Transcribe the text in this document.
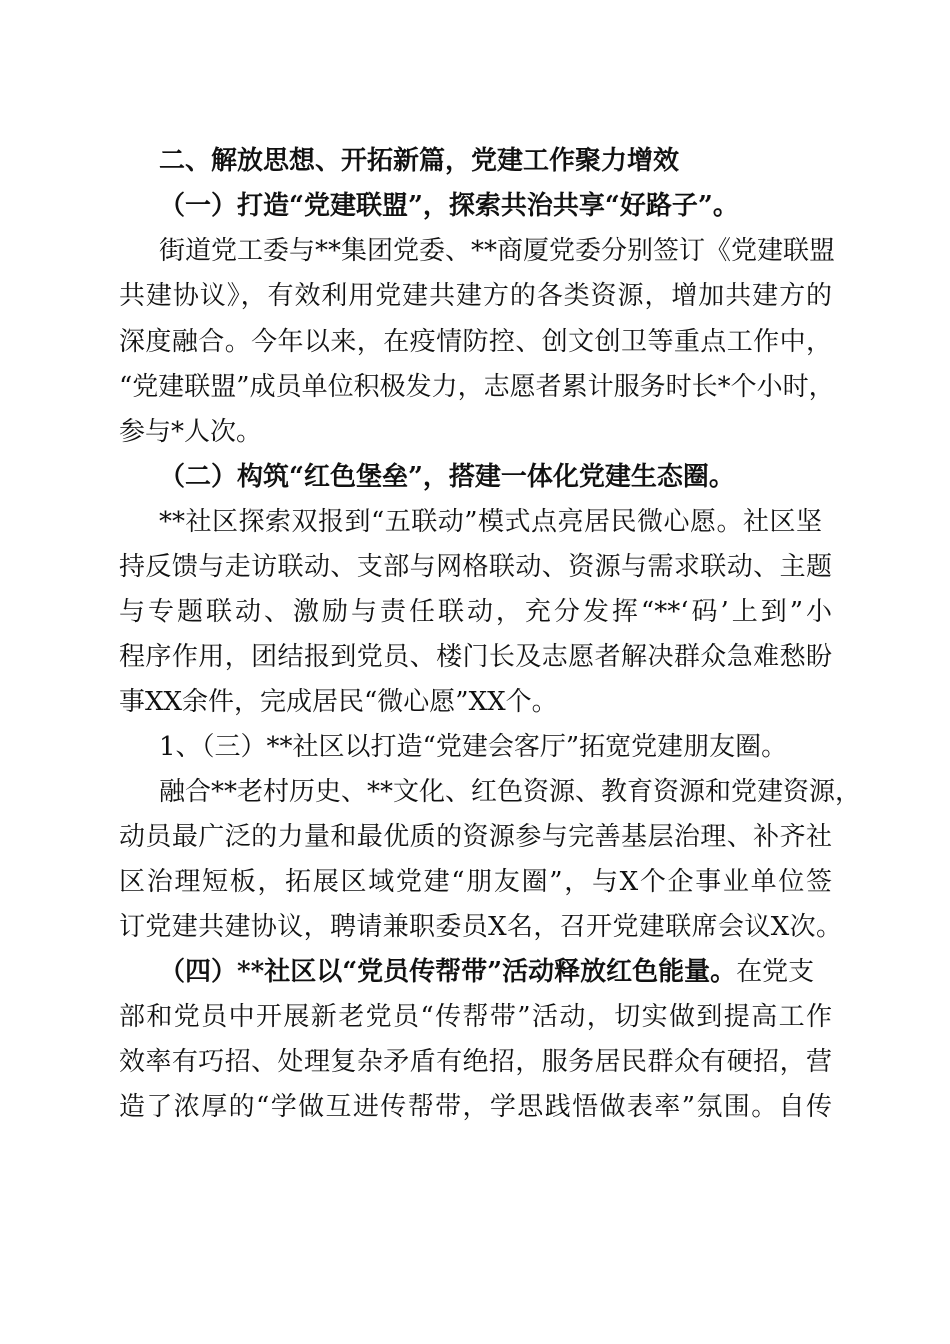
二、解放思想、开拓新篇，党建工作聚力增效
（一）打造“党建联盟”，探索共治共享“好路子”。
街道党工委与**集团党委、**商厦党委分别签订《党建联盟
共建协议》，有效利用党建共建方的各类资源，增加共建方的
深度融合。今年以来，在疫情防控、创文创卫等重点工作中，
“党建联盟”成员单位积极发力，志愿者累计服务时长*个小时，
参与*人次。
（二）构筑“红色堡垒”，搭建一体化党建生态圈。
**社区探索双报到“五联动”模式点亮居民微心愿。社区坚
持反馈与走访联动、支部与网格联动、资源与需求联动、主题
与专题联动、激励与责任联动，充分发挥“**‘码’上到”小
程序作用，团结报到党员、楼门长及志愿者解决群众急难愁盼
事XX余件，完成居民“微心愿”XX个。
1、（三）**社区以打造“党建会客厅”拓宽党建朋友圈。
融合**老村历史、**文化、红色资源、教育资源和党建资源，
动员最广泛的力量和最优质的资源参与完善基层治理、补齐社
区治理短板，拓展区域党建“朋友圈”，与X个企事业单位签
订党建共建协议，聘请兼职委员X名，召开党建联席会议X次。
（四）**社区以“党员传帮带”活动释放红色能量。在党支
部和党员中开展新老党员“传帮带”活动，切实做到提高工作
效率有巧招、处理复杂矛盾有绝招，服务居民群众有硬招，营
造了浓厚的“学做互进传帮带，学思践悟做表率”氛围。自传
